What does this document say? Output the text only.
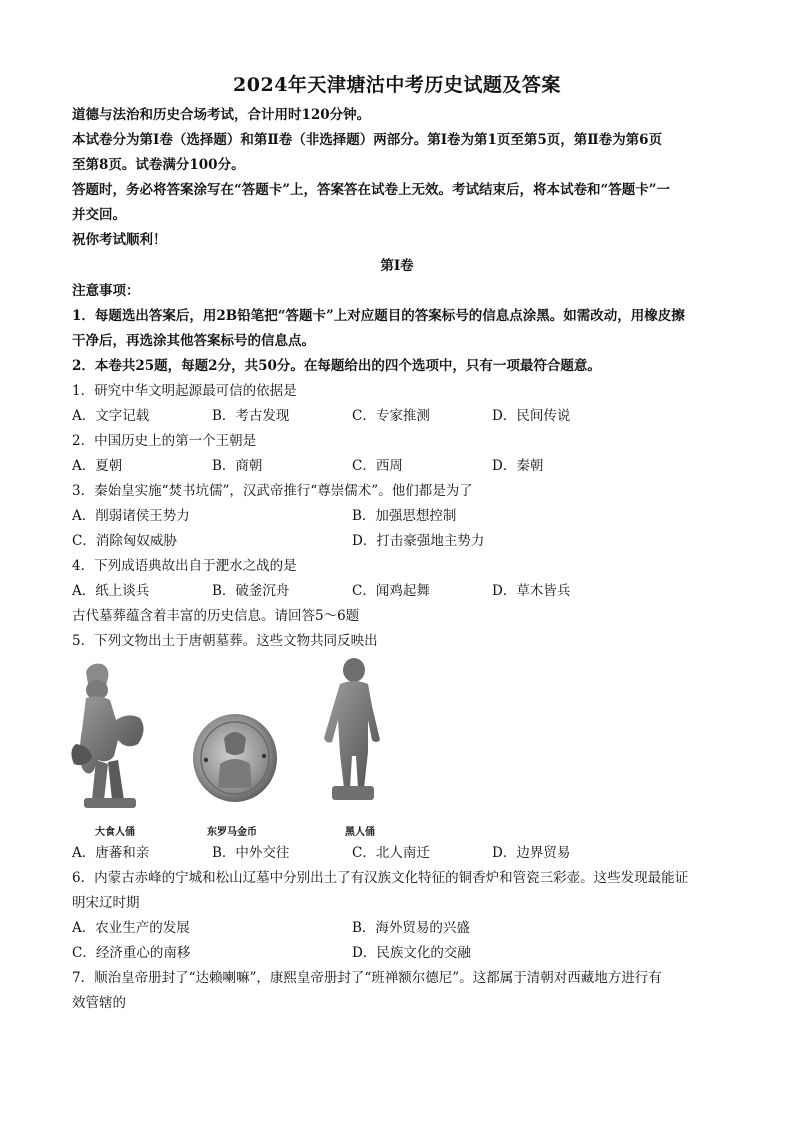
2024年天津塘沽中考历史试题及答案
道德与法治和历史合场考试，合计用时120分钟。
本试卷分为第Ⅰ卷（选择题）和第Ⅱ卷（非选择题）两部分。第Ⅰ卷为第1页至第5页，第Ⅱ卷为第6页
至第8页。试卷满分100分。
答题时，务必将答案涂写在“答题卡”上，答案答在试卷上无效。考试结束后，将本试卷和“答题卡”一
并交回。
祝你考试顺利！
第Ⅰ卷
注意事项：
1．每题选出答案后，用2B铅笔把“答题卡”上对应题目的答案标号的信息点涂黑。如需改动，用橡皮擦
干净后，再选涂其他答案标号的信息点。
2．本卷共25题，每题2分，共50分。在每题给出的四个选项中，只有一项最符合题意。
1．研究中华文明起源最可信的依据是
A．文字记载	B．考古发现	C．专家推测	D．民间传说
2．中国历史上的第一个王朝是
A．夏朝	B．商朝	C．西周	D．秦朝
3．秦始皇实施“焚书坑儒”，汉武帝推行“尊崇儒术”。他们都是为了
A．削弱诸侯王势力	B．加强思想控制
C．消除匈奴威胁	D．打击豪强地主势力
4．下列成语典故出自于淝水之战的是
A．纸上谈兵	B．破釜沉舟	C．闻鸡起舞	D．草木皆兵
古代墓葬蕴含着丰富的历史信息。请回答5～6题
5．下列文物出土于唐朝墓葬。这些文物共同反映出
大食人俑	东罗马金币	黑人俑
A．唐蕃和亲	B．中外交往	C．北人南迁	D．边界贸易
6．内蒙古赤峰的宁城和松山辽墓中分别出土了有汉族文化特征的铜香炉和管瓷三彩壶。这些发现最能证
明宋辽时期
A．农业生产的发展	B．海外贸易的兴盛
C．经济重心的南移	D．民族文化的交融
7．顺治皇帝册封了“达赖喇嘛”，康熙皇帝册封了“班禅额尔德尼”。这都属于清朝对西藏地方进行有
效管辖的
